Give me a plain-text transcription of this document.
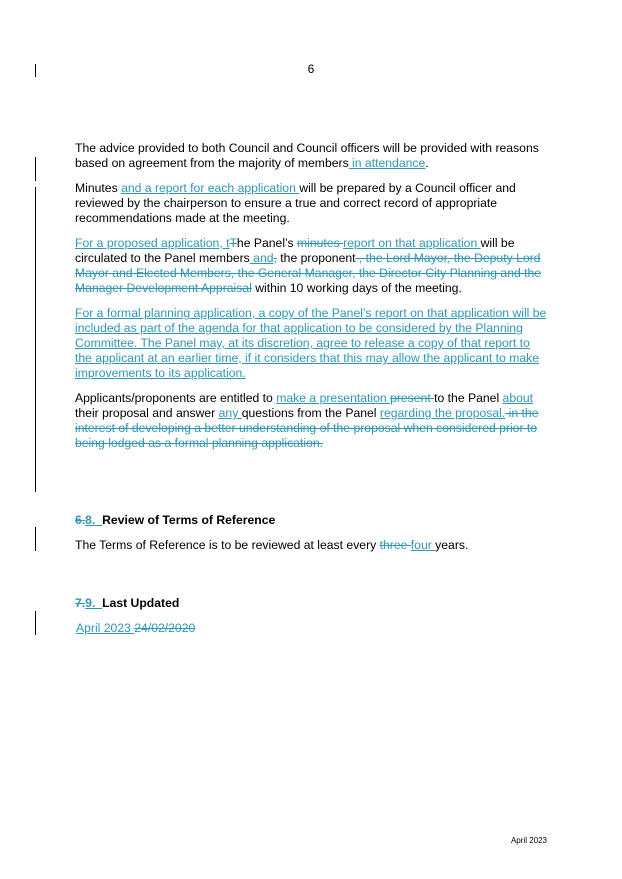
6

The advice provided to both Council and Council officers will be provided with reasons based on agreement from the majority of members in attendance.

Minutes and a report for each application will be prepared by a Council officer and reviewed by the chairperson to ensure a true and correct record of appropriate recommendations made at the meeting.

For a proposed application, tThe Panel’s minutes report on that application will be circulated to the Panel members and, the proponent , the Lord Mayor, the Deputy Lord Mayor and Elected Members, the General Manager, the Director City Planning and the Manager Development Appraisal within 10 working days of the meeting.

For a formal planning application, a copy of the Panel’s report on that application will be included as part of the agenda for that application to be considered by the Planning Committee. The Panel may, at its discretion, agree to release a copy of that report to the applicant at an earlier time, if it considers that this may allow the applicant to make improvements to its application.

Applicants/proponents are entitled to make a presentation present to the Panel about their proposal and answer any questions from the Panel regarding the proposal. in the interest of developing a better understanding of the proposal when considered prior to being lodged as a formal planning application.

6.8.  Review of Terms of Reference
The Terms of Reference is to be reviewed at least every three four years.
7.9.  Last Updated
April 2023 24/02/2020
April 2023
